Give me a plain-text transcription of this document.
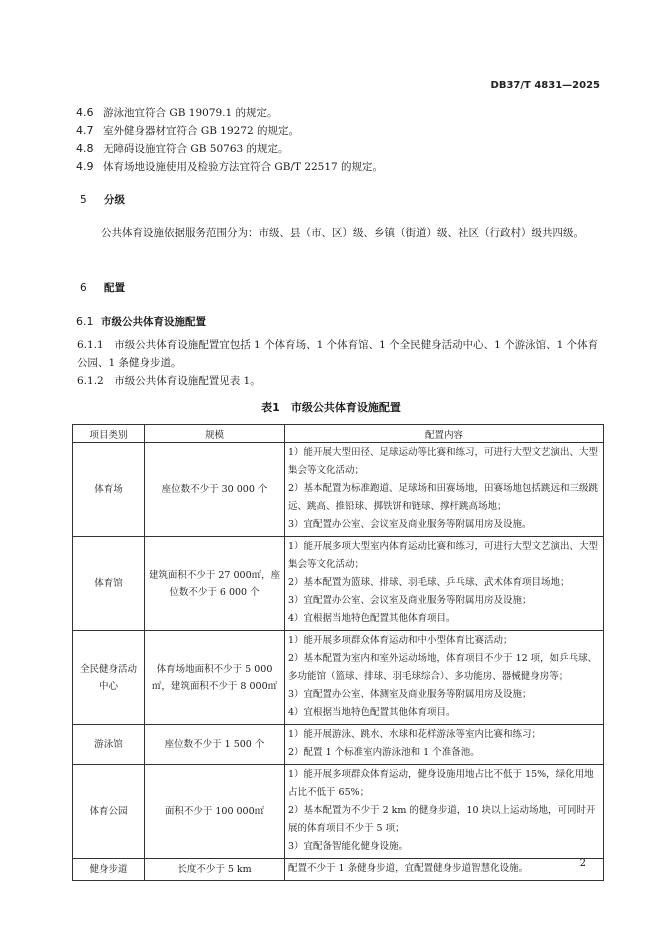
DB37/T 4831—2025
4.6 游泳池宜符合 GB 19079.1 的规定。
4.7 室外健身器材宜符合 GB 19272 的规定。
4.8 无障碍设施宜符合 GB 50763 的规定。
4.9 体育场地设施使用及检验方法宜符合 GB/T 22517 的规定。
5 分级
公共体育设施依据服务范围分为：市级、县（市、区）级、乡镇（街道）级、社区（行政村）级共四级。
6 配置
6.1 市级公共体育设施配置
6.1.1　 市级公共体育设施配置宜包括 1 个体育场、1 个体育馆、1 个全民健身活动中心、1 个游泳馆、1 个体育公园、1 条健身步道。
6.1.2　 市级公共体育设施配置见表 1。
表1　市级公共体育设施配置
项目类别	规模	配置内容
体育场	座位数不少于 30 000 个	1）能开展大型田径、足球运动等比赛和练习，可进行大型文艺演出、大型集会等文化活动；
2）基本配置为标准跑道、足球场和田赛场地，田赛场地包括跳远和三级跳远、跳高、推铅球、掷铁饼和链球、撑杆跳高场地；
3）宜配置办公室、会议室及商业服务等附属用房及设施。

体育馆	建筑面积不少于 27 000㎡，座位数不少于 6 000 个	1）能开展多项大型室内体育运动比赛和练习，可进行大型文艺演出、大型集会等文化活动；
2）基本配置为篮球、排球、羽毛球、乒乓球、武术体育项目场地；
3）宜配置办公室、会议室及商业服务等附属用房及设施；
4）宜根据当地特色配置其他体育项目。

全民健身活动中心	体育场地面积不少于 5 000㎡，建筑面积不少于 8 000㎡	1）能开展多项群众体育运动和中小型体育比赛活动；
2）基本配置为室内和室外运动场地，体育项目不少于 12 项，如乒乓球、多功能馆（篮球、排球、羽毛球综合）、多功能房、器械健身房等；
3）宜配置办公室、体测室及商业服务等附属用房及设施；
4）宜根据当地特色配置其他体育项目。

游泳馆	座位数不少于 1 500 个	1）能开展游泳、跳水、水球和花样游泳等室内比赛和练习；
2）配置 1 个标准室内游泳池和 1 个准备池。

体育公园	面积不少于 100 000㎡	1）能开展多项群众体育运动，健身设施用地占比不低于 15%，绿化用地占比不低于 65%；
2）基本配置为不少于 2 km 的健身步道，10 块以上运动场地，可同时开展的体育项目不少于 5 项；
3）宜配备智能化健身设施。

健身步道	长度不少于 5 km	配置不少于 1 条健身步道，宜配置健身步道智慧化设施。	2
